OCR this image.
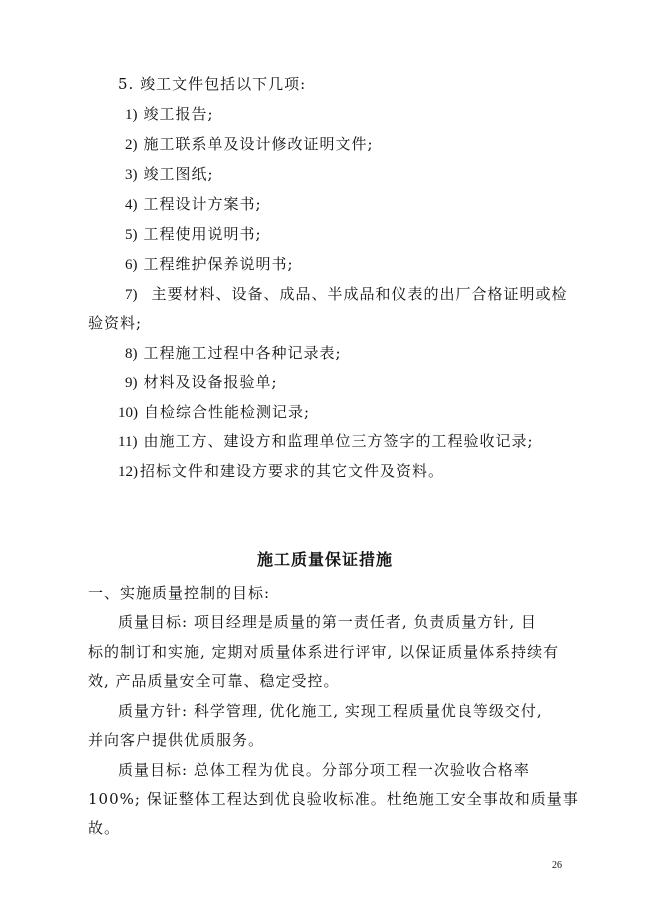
5. 竣工文件包括以下几项:
1) 竣工报告;
2) 施工联系单及设计修改证明文件;
3) 竣工图纸;
4) 工程设计方案书;
5) 工程使用说明书;
6) 工程维护保养说明书;
7) 主要材料、设备、成品、半成品和仪表的出厂合格证明或检
验资料;
8) 工程施工过程中各种记录表;
9) 材料及设备报验单;
10) 自检综合性能检测记录;
11) 由施工方、建设方和监理单位三方签字的工程验收记录;
12) 招标文件和建设方要求的其它文件及资料。
施工质量保证措施
一、实施质量控制的目标:
质量目标: 项目经理是质量的第一责任者, 负责质量方针, 目
标的制订和实施, 定期对质量体系进行评审, 以保证质量体系持续有
效, 产品质量安全可靠、稳定受控。
质量方针: 科学管理, 优化施工, 实现工程质量优良等级交付,
并向客户提供优质服务。
质量目标: 总体工程为优良。分部分项工程一次验收合格率
100%; 保证整体工程达到优良验收标准。杜绝施工安全事故和质量事
故。
26
